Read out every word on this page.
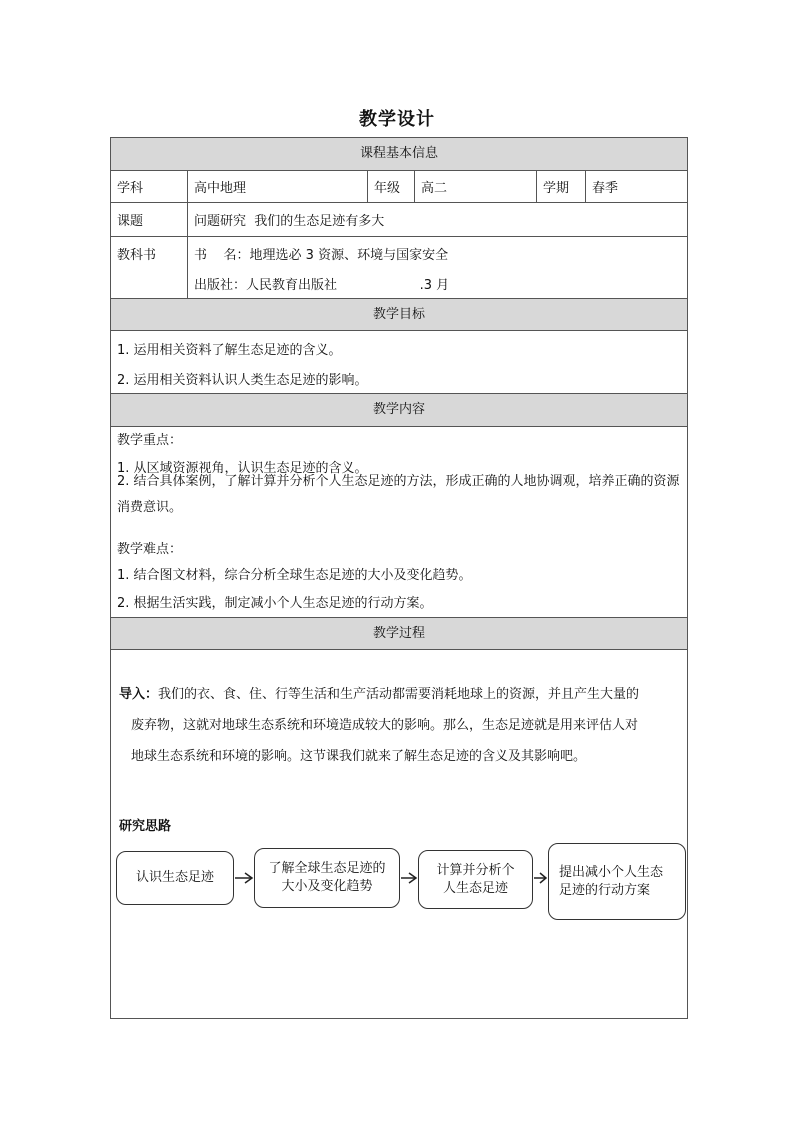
教学设计
课程基本信息
学科	高中地理	年级	高二	学期	春季
课题	问题研究  我们的生态足迹有多大
教科书	书    名：地理选必 3 资源、环境与国家安全
出版社：人民教育出版社                    .3 月
教学目标
1. 运用相关资料了解生态足迹的含义。
2. 运用相关资料认识人类生态足迹的影响。
教学内容
教学重点：
1. 从区域资源视角，认识生态足迹的含义。
2. 结合具体案例，了解计算并分析个人生态足迹的方法，形成正确的人地协调观，培养正确的资源消费意识。
教学难点：
1. 结合图文材料，综合分析全球生态足迹的大小及变化趋势。
2. 根据生活实践，制定减小个人生态足迹的行动方案。
教学过程
导入：我们的衣、食、住、行等生活和生产活动都需要消耗地球上的资源，并且产生大量的
废弃物，这就对地球生态系统和环境造成较大的影响。那么，生态足迹就是用来评估人对
地球生态系统和环境的影响。这节课我们就来了解生态足迹的含义及其影响吧。
研究思路
认识生态足迹
了解全球生态足迹的大小及变化趋势
计算并分析个人生态足迹
提出减小个人生态足迹的行动方案
